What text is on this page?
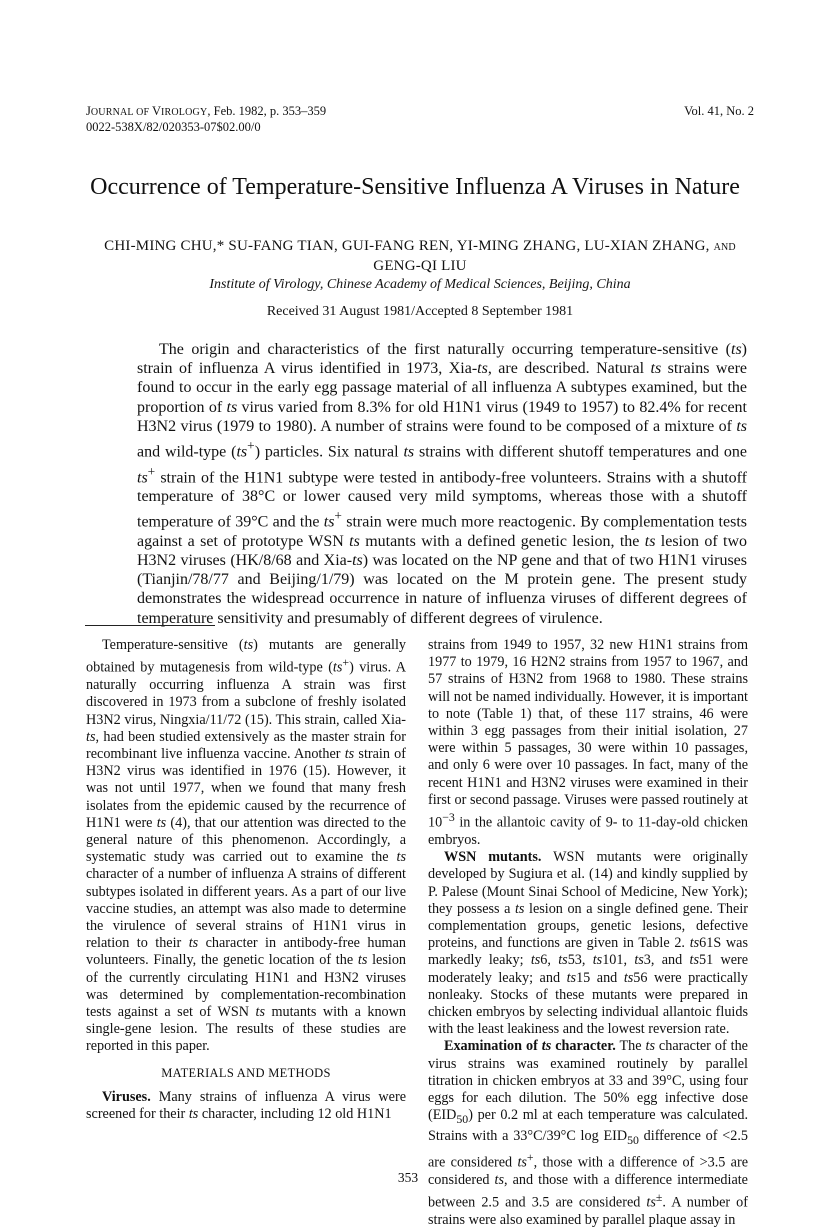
JOURNAL OF VIROLOGY, Feb. 1982, p. 353–359
0022-538X/82/020353-07$02.00/0
Vol. 41, No. 2
Occurrence of Temperature-Sensitive Influenza A Viruses in Nature
CHI-MING CHU,* SU-FANG TIAN, GUI-FANG REN, YI-MING ZHANG, LU-XIAN ZHANG, AND
GENG-QI LIU
Institute of Virology, Chinese Academy of Medical Sciences, Beijing, China
Received 31 August 1981/Accepted 8 September 1981

The origin and characteristics of the first naturally occurring temperature-sensitive (ts) strain of influenza A virus identified in 1973, Xia-ts, are described. Natural ts strains were found to occur in the early egg passage material of all influenza A subtypes examined, but the proportion of ts virus varied from 8.3% for old H1N1 virus (1949 to 1957) to 82.4% for recent H3N2 virus (1979 to 1980). A number of strains were found to be composed of a mixture of ts and wild-type (ts+) particles. Six natural ts strains with different shutoff temperatures and one ts+ strain of the H1N1 subtype were tested in antibody-free volunteers. Strains with a shutoff temperature of 38°C or lower caused very mild symptoms, whereas those with a shutoff temperature of 39°C and the ts+ strain were much more reactogenic. By complementation tests against a set of prototype WSN ts mutants with a defined genetic lesion, the ts lesion of two H3N2 viruses (HK/8/68 and Xia-ts) was located on the NP gene and that of two H1N1 viruses (Tianjin/78/77 and Beijing/1/79) was located on the M protein gene. The present study demonstrates the widespread occurrence in nature of influenza viruses of different degrees of temperature sensitivity and presumably of different degrees of virulence.

Temperature-sensitive (ts) mutants are generally obtained by mutagenesis from wild-type (ts+) virus. A naturally occurring influenza A strain was first discovered in 1973 from a subclone of freshly isolated H3N2 virus, Ningxia/11/72 (15). This strain, called Xia-ts, had been studied extensively as the master strain for recombinant live influenza vaccine. Another ts strain of H3N2 virus was identified in 1976 (15). However, it was not until 1977, when we found that many fresh isolates from the epidemic caused by the recurrence of H1N1 were ts (4), that our attention was directed to the general nature of this phenomenon. Accordingly, a systematic study was carried out to examine the ts character of a number of influenza A strains of different subtypes isolated in different years. As a part of our live vaccine studies, an attempt was also made to determine the virulence of several strains of H1N1 virus in relation to their ts character in antibody-free human volunteers. Finally, the genetic location of the ts lesion of the currently circulating H1N1 and H3N2 viruses was determined by complementation-recombination tests against a set of WSN ts mutants with a known single-gene lesion. The results of these studies are reported in this paper.

MATERIALS AND METHODS

Viruses. Many strains of influenza A virus were screened for their ts character, including 12 old H1N1

strains from 1949 to 1957, 32 new H1N1 strains from 1977 to 1979, 16 H2N2 strains from 1957 to 1967, and 57 strains of H3N2 from 1968 to 1980. These strains will not be named individually. However, it is important to note (Table 1) that, of these 117 strains, 46 were within 3 egg passages from their initial isolation, 27 were within 5 passages, 30 were within 10 passages, and only 6 were over 10 passages. In fact, many of the recent H1N1 and H3N2 viruses were examined in their first or second passage. Viruses were passed routinely at $10^{-3}$ in the allantoic cavity of 9- to 11-day-old chicken embryos.

WSN mutants. WSN mutants were originally developed by Sugiura et al. (14) and kindly supplied by P. Palese (Mount Sinai School of Medicine, New York); they possess a ts lesion on a single defined gene. Their complementation groups, genetic lesions, defective proteins, and functions are given in Table 2. ts61S was markedly leaky; ts6, ts53, ts101, ts3, and ts51 were moderately leaky; and ts15 and ts56 were practically nonleaky. Stocks of these mutants were prepared in chicken embryos by selecting individual allantoic fluids with the least leakiness and the lowest reversion rate.

Examination of ts character. The ts character of the virus strains was examined routinely by parallel titration in chicken embryos at 33 and 39°C, using four eggs for each dilution. The 50% egg infective dose $(EID_{50})$ per 0.2 ml at each temperature was calculated. Strains with a 33°C/39°C $\log EID_{50}$ difference of <2.5 are considered ts+, those with a difference of >3.5 are considered ts, and those with a difference intermediate between 2.5 and 3.5 are considered ts±. A number of strains were also examined by parallel plaque assay in

353
